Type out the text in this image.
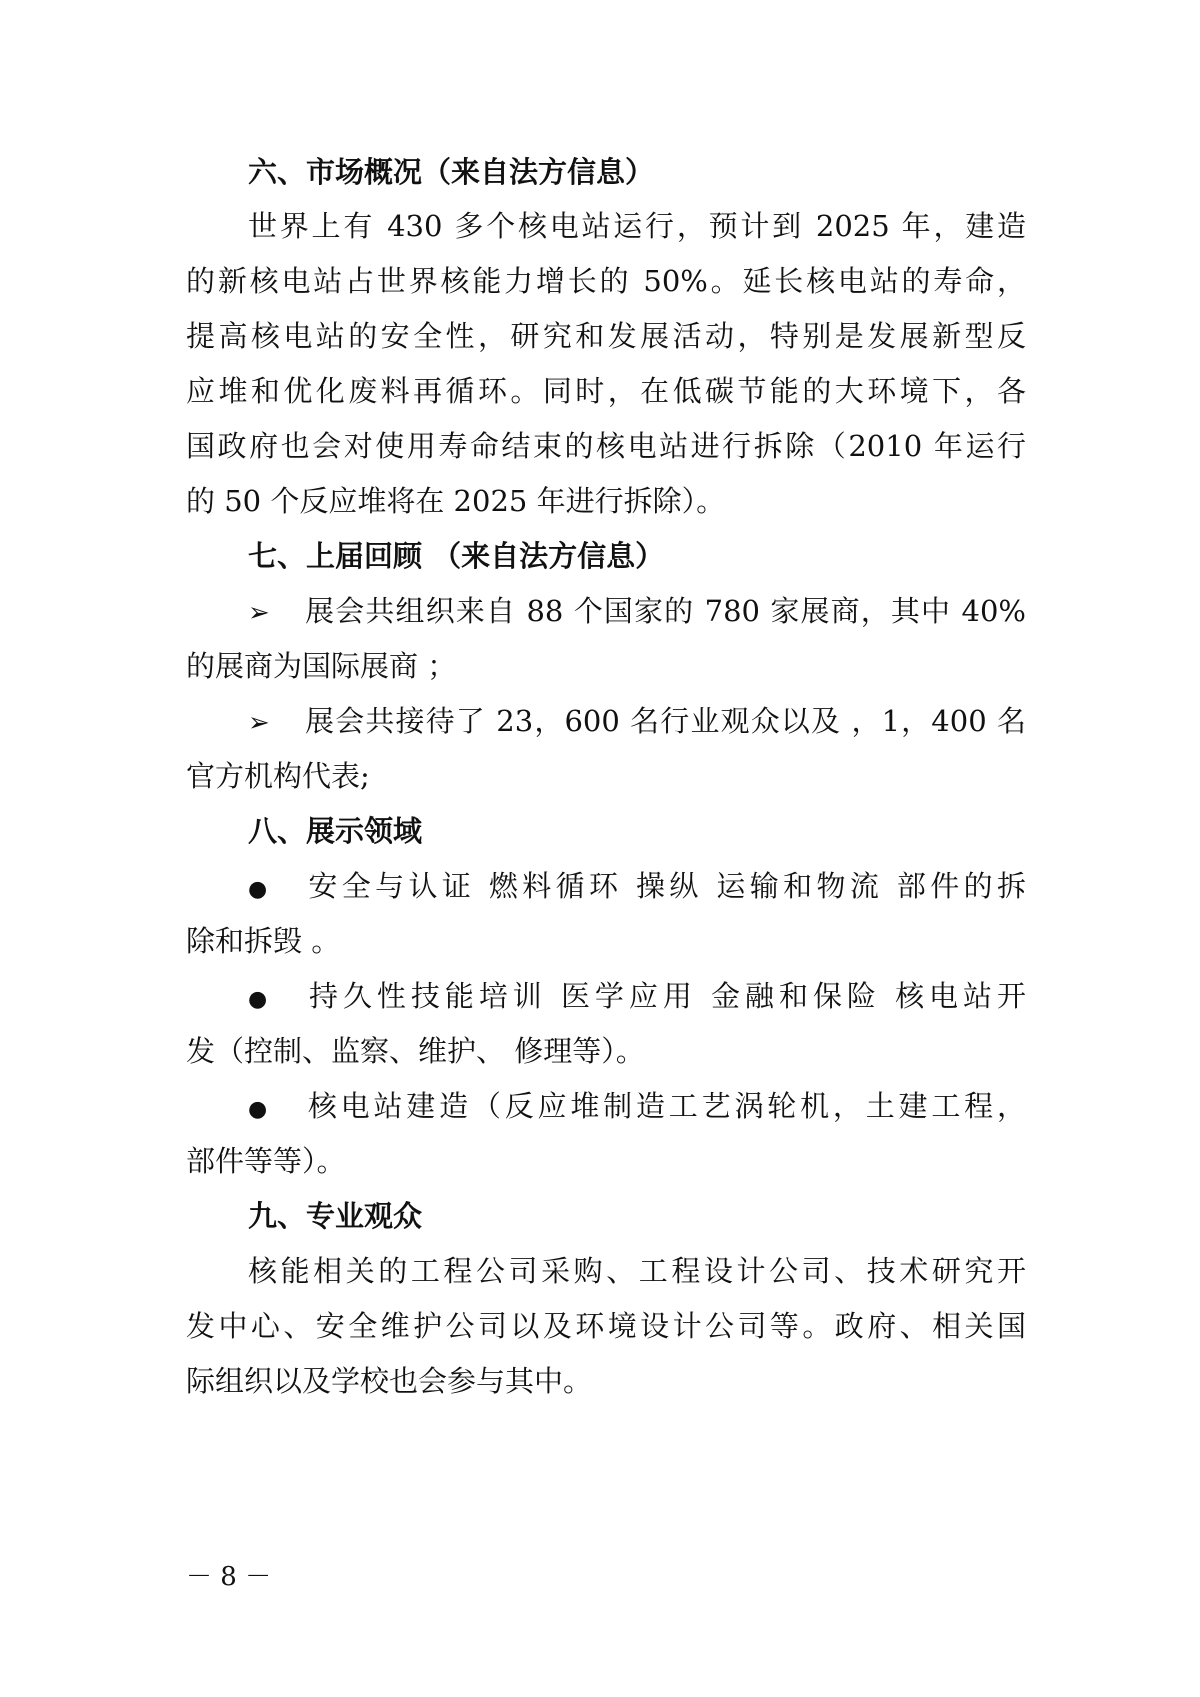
六、市场概况（来自法方信息）
世界上有 430 多个核电站运行，预计到 2025 年，建造
的新核电站占世界核能力增长的 50%。延长核电站的寿命，
提高核电站的安全性，研究和发展活动，特别是发展新型反
应堆和优化废料再循环。同时，在低碳节能的大环境下，各
国政府也会对使用寿命结束的核电站进行拆除（2010 年运行
的 50 个反应堆将在 2025 年进行拆除）。
七、上届回顾 （来自法方信息）
➢ 展会共组织来自 88 个国家的 780 家展商，其中 40%
的展商为国际展商 ；
➢ 展会共接待了 23，600 名行业观众以及 ，1，400 名
官方机构代表;
八、展示领域
● 安全与认证 燃料循环 操纵 运输和物流 部件的拆
除和拆毁 。
● 持久性技能培训 医学应用 金融和保险 核电站开
发（控制、监察、维护、 修理等）。
● 核电站建造（反应堆制造工艺涡轮机，土建工程，
部件等等）。
九、专业观众
核能相关的工程公司采购、工程设计公司、技术研究开
发中心、安全维护公司以及环境设计公司等。政府、相关国
际组织以及学校也会参与其中。
－ 8 －
